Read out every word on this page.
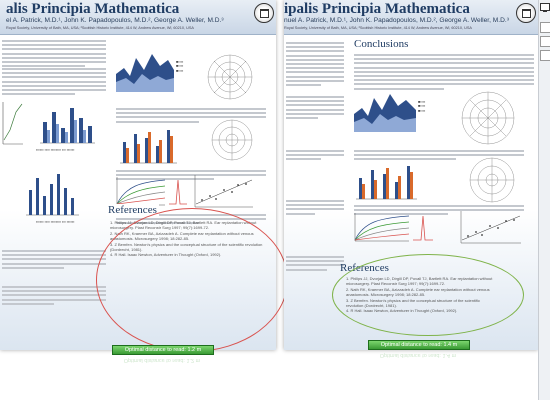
alis Principia Mathematica
el A. Patrick, M.D.¹, John K. Papadopoulos, M.D.², George A. Weller, M.D.³
Royal Society, University of Bath, MA, USA; ²Scottish Historic Institute, 414 W, Andrew Avenue, Wl, 60210, USA
▪▪▪▪▪▪ ▪▪▪▪ ▪▪▪▪▪▪▪▪ ▪▪▪ ▪▪▪▪▪▪
▪▪▪▪▪▪ ▪▪▪▪ ▪▪▪▪▪▪▪▪ ▪▪▪ ▪▪▪▪▪▪
■▪▪▪▪
■▪▪▪▪
■▪▪▪▪
References
1. Philips JJ, Dvorjan LD, Dirgill DP, Povall TJ, Bartlett RA. Ear replantation without microsurgery. Plast Reconstr Surg 1997; 99(7):1699-72.
2. Nath RK, Kraemer BA, Azizzadeh A. Complete ear replantation without venous anastomosis. Microsurgery 1998; 18:282-85.
3. Z Bemfen. Newton's physics and the conceptual structure of the scientific revolution (Dordrecht, 1981).
4. R Hall. Isaac Newton, Adventurer in Thought (Oxford, 1992).
Optimal distance to read: 1.2 m
Optimal distance to read: 1.2 m
ipalis Principia Mathematica
nuel A. Patrick, M.D.¹, John K. Papadopoulos, M.D.², George A. Weller, M.D.³
Royal Society, University of Bath, MA, USA; ²Scottish Historic Institute, 414 W, Andrew Avenue, Wl, 60210, USA
Conclusions
■▪▪▪▪
■▪▪▪▪
■▪▪▪▪
References
1. Philips JJ, Dvorjan LD, Dirgill DP, Povall TJ, Bartlett RA. Ear replantation without microsurgery. Plast Reconstr Surg 1997; 99(7):1699-72.
2. Nath RK, Kraemer BA, Azizzadeh A. Complete ear replantation without venous anastomosis. Microsurgery 1998; 18:282-85.
3. Z Bemfen. Newton's physics and the conceptual structure of the scientific revolution (Dordrecht, 1981).
4. R Hall. Isaac Newton, Adventurer in Thought (Oxford, 1992).
Optimal distance to read: 1.4 m
Optimal distance to read: 1.4 m
